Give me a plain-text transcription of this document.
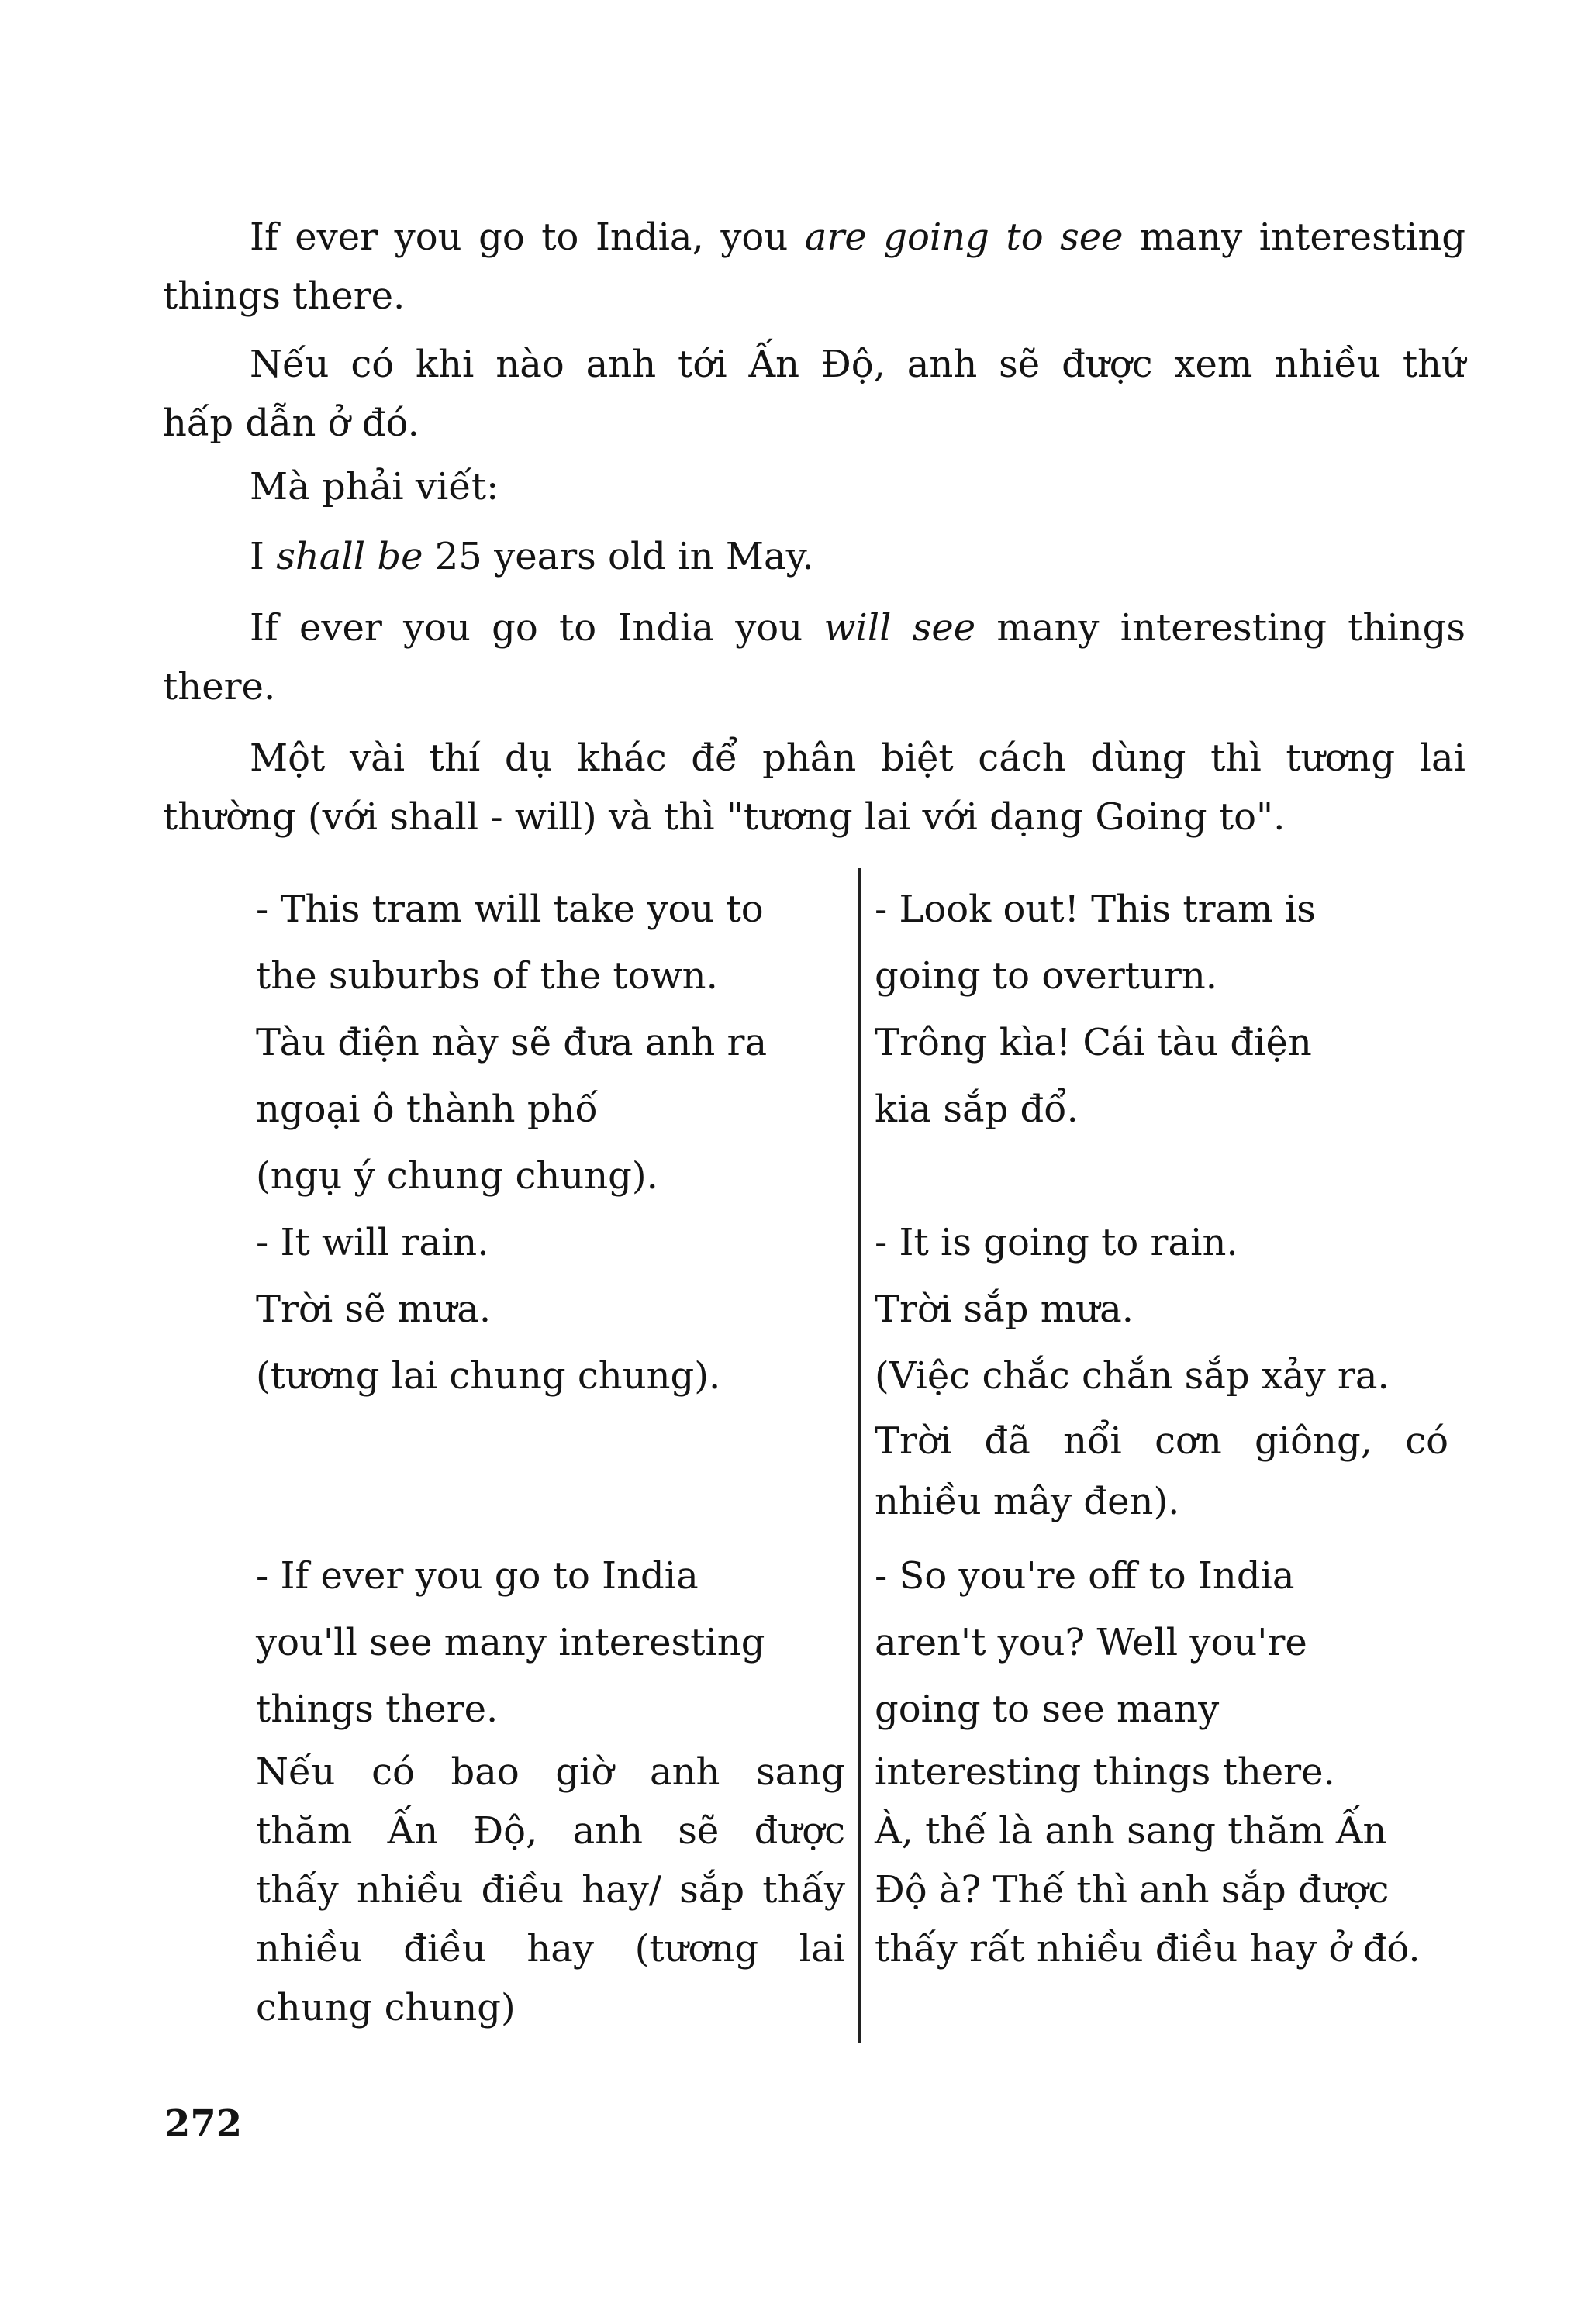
If ever you go to India, you are going to see many interesting
things there.

Nếu có khi nào anh tới Ấn Độ, anh sẽ được xem nhiều thứ
hấp dẫn ở đó.

Mà phải viết:

I shall be 25 years old in May.

If ever you go to India you will see many interesting things
there.

Một vài thí dụ khác để phân biệt cách dùng thì tương lai
thường (với shall - will) và thì "tương lai với dạng Going to".

- This tram will take you to
the suburbs of the town.
Tàu điện này sẽ đưa anh ra
ngoại ô thành phố
(ngụ ý chung chung).
- It will rain.
Trời sẽ mưa.
(tương lai chung chung).
- If ever you go to India
you'll see many interesting
things there.
Nếu có bao giờ anh sang
thăm Ấn Độ, anh sẽ được
thấy nhiều điều hay/ sắp thấy
nhiều điều hay (tương lai
chung chung)
- Look out! This tram is
going to overturn.
Trông kìa! Cái tàu điện
kia sắp đổ.
- It is going to rain.
Trời sắp mưa.
(Việc chắc chắn sắp xảy ra.
Trời đã nổi cơn giông, có
nhiều mây đen).
- So you're off to India
aren't you? Well you're
going to see many
interesting things there.
À, thế là anh sang thăm Ấn
Độ à? Thế thì anh sắp được
thấy rất nhiều điều hay ở đó.
272
